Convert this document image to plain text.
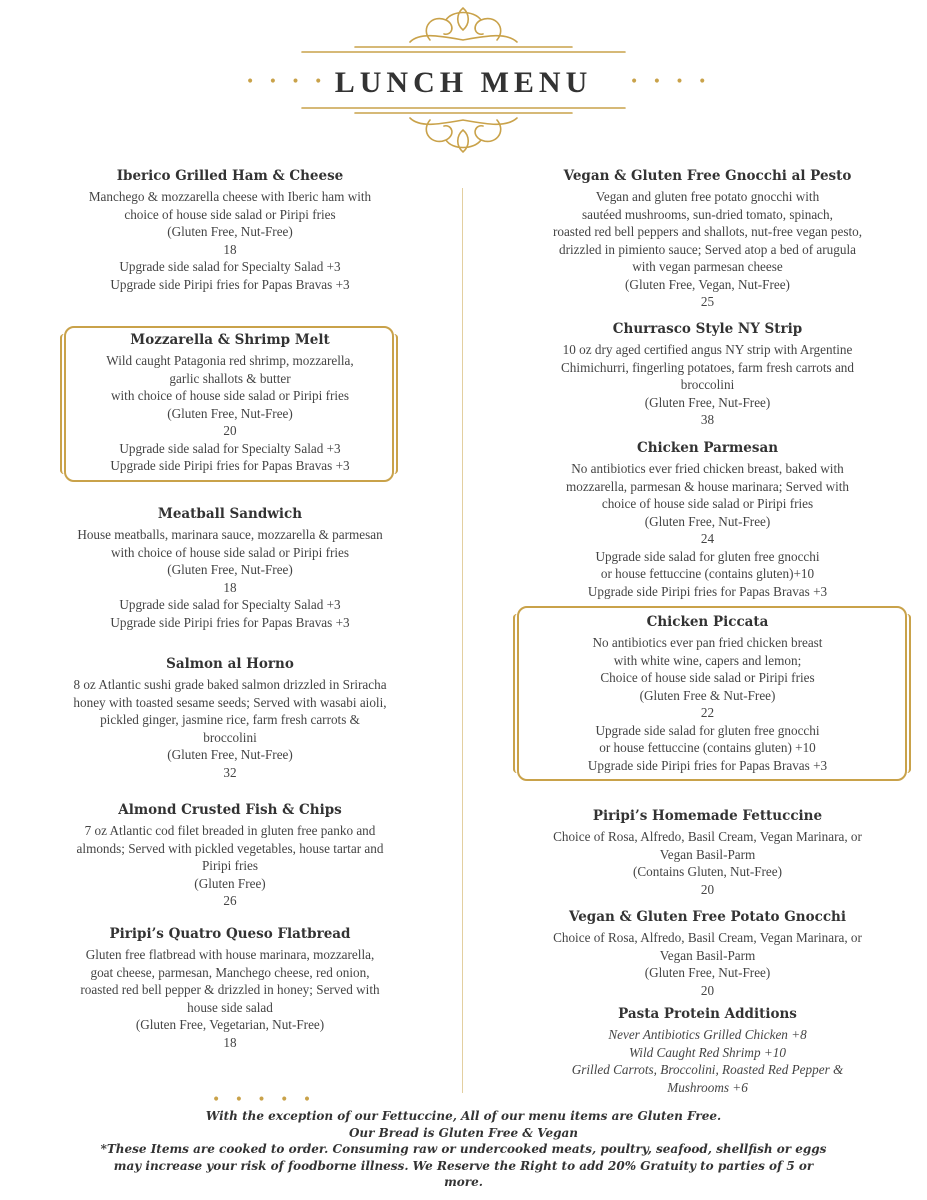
• • • •	• • • •
LUNCH MENU
Iberico Grilled Ham & Cheese
Manchego & mozzarella cheese with Iberic ham with
choice of house side salad or Piripi fries
(Gluten Free, Nut-Free)
18
Upgrade side salad for Specialty Salad +3
Upgrade side Piripi fries for Papas Bravas +3
Mozzarella & Shrimp Melt
Wild caught Patagonia red shrimp, mozzarella,
garlic shallots & butter
with choice of house side salad or Piripi fries
(Gluten Free, Nut-Free)
20
Upgrade side salad for Specialty Salad +3
Upgrade side Piripi fries for Papas Bravas +3
Meatball Sandwich
House meatballs, marinara sauce, mozzarella & parmesan
with choice of house side salad or Piripi fries
(Gluten Free, Nut-Free)
18
Upgrade side salad for Specialty Salad +3
Upgrade side Piripi fries for Papas Bravas +3
Salmon al Horno
8 oz Atlantic sushi grade baked salmon drizzled in Sriracha
honey with toasted sesame seeds; Served with wasabi aioli,
pickled ginger, jasmine rice, farm fresh carrots &
broccolini
(Gluten Free, Nut-Free)
32
Almond Crusted Fish & Chips
7 oz Atlantic cod filet breaded in gluten free panko and
almonds; Served with pickled vegetables, house tartar and
Piripi fries
(Gluten Free)
26
Piripi’s Quatro Queso Flatbread
Gluten free flatbread with house marinara, mozzarella,
goat cheese, parmesan, Manchego cheese, red onion,
roasted red bell pepper & drizzled in honey; Served with
house side salad
(Gluten Free, Vegetarian, Nut-Free)
18
Vegan & Gluten Free Gnocchi al Pesto
Vegan and gluten free potato gnocchi with
sautéed mushrooms, sun-dried tomato, spinach,
roasted red bell peppers and shallots, nut-free vegan pesto,
drizzled in pimiento sauce; Served atop a bed of arugula
with vegan parmesan cheese
(Gluten Free, Vegan, Nut-Free)
25
Churrasco Style NY Strip
10 oz dry aged certified angus NY strip with Argentine
Chimichurri, fingerling potatoes, farm fresh carrots and
broccolini
(Gluten Free, Nut-Free)
38
Chicken Parmesan
No antibiotics ever fried chicken breast, baked with
mozzarella, parmesan & house marinara; Served with
choice of house side salad or Piripi fries
(Gluten Free, Nut-Free)
24
Upgrade side salad for gluten free gnocchi
or house fettuccine (contains gluten)+10
Upgrade side Piripi fries for Papas Bravas +3
Chicken Piccata
No antibiotics ever pan fried chicken breast
with white wine, capers and lemon;
Choice of house side salad or Piripi fries
(Gluten Free & Nut-Free)
22
Upgrade side salad for gluten free gnocchi
or house fettuccine (contains gluten) +10
Upgrade side Piripi fries for Papas Bravas +3
Piripi’s Homemade Fettuccine
Choice of Rosa, Alfredo, Basil Cream, Vegan Marinara, or
Vegan Basil-Parm
(Contains Gluten, Nut-Free)
20
Vegan & Gluten Free Potato Gnocchi
Choice of Rosa, Alfredo, Basil Cream, Vegan Marinara, or
Vegan Basil-Parm
(Gluten Free, Nut-Free)
20
Pasta Protein Additions
Never Antibiotics Grilled Chicken +8
Wild Caught Red Shrimp +10
Grilled Carrots, Broccolini, Roasted Red Pepper &
Mushrooms +6
• • • • •
With the exception of our Fettuccine, All of our menu items are Gluten Free.
Our Bread is Gluten Free & Vegan
*These Items are cooked to order. Consuming raw or undercooked meats, poultry, seafood, shellfish or eggs
may increase your risk of foodborne illness. We Reserve the Right to add 20% Gratuity to parties of 5 or
more.
